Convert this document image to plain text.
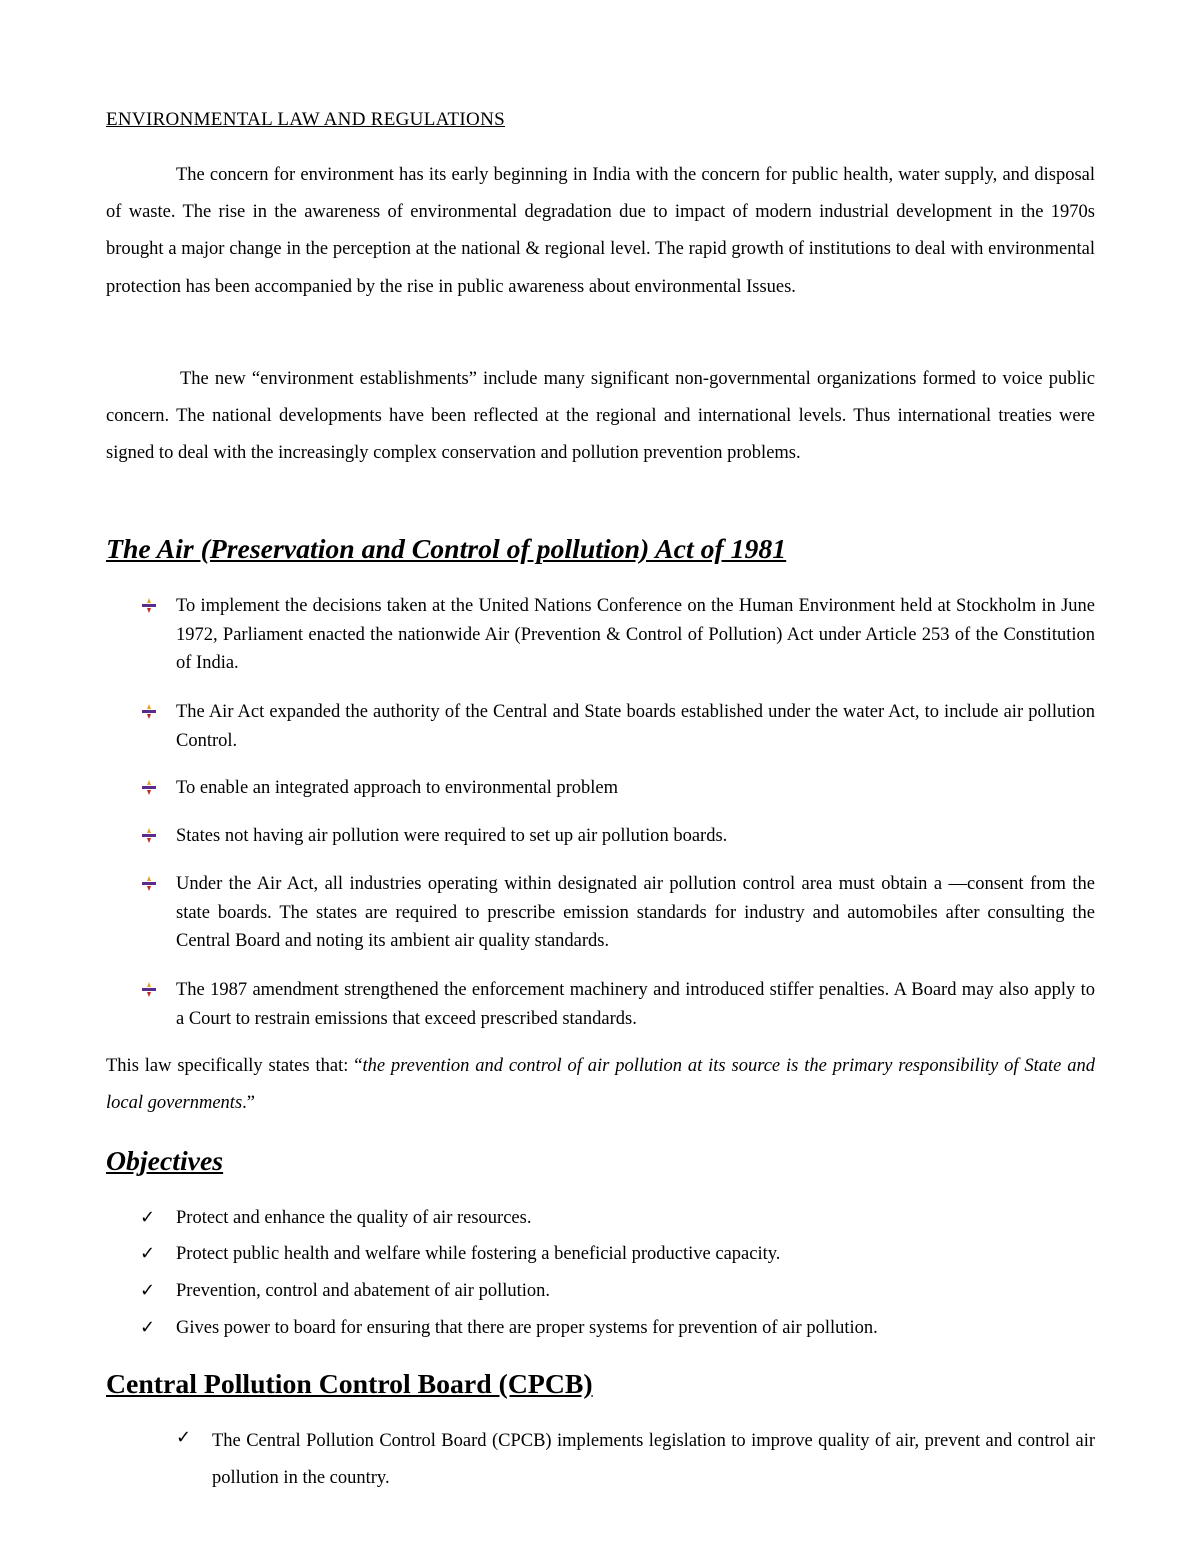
ENVIRONMENTAL LAW AND REGULATIONS

The concern for environment has its early beginning in India with the concern for public health, water supply, and disposal of waste. The rise in the awareness of environmental degradation due to impact of modern industrial development in the 1970s brought a major change in the perception at the national & regional level. The rapid growth of institutions to deal with environmental protection has been accompanied by the rise in public awareness about environmental Issues.

The new “environment establishments” include many significant non-governmental organizations formed to voice public concern. The national developments have been reflected at the regional and international levels. Thus international treaties were signed to deal with the increasingly complex conservation and pollution prevention problems.

The Air (Preservation and Control of pollution) Act of 1981
To implement the decisions taken at the United Nations Conference on the Human Environment held at Stockholm in June 1972, Parliament enacted the nationwide Air (Prevention & Control of Pollution) Act under Article 253 of the Constitution of India.
The Air Act expanded the authority of the Central and State boards established under the water Act, to include air pollution Control.
To enable an integrated approach to environmental problem
States not having air pollution were required to set up air pollution boards.
Under the Air Act, all industries operating within designated air pollution control area must obtain a ―consent from the state boards. The states are required to prescribe emission standards for industry and automobiles after consulting the Central Board and noting its ambient air quality standards.
The 1987 amendment strengthened the enforcement machinery and introduced stiffer penalties. A Board may also apply to a Court to restrain emissions that exceed prescribed standards.

This law specifically states that: “the prevention and control of air pollution at its source is the primary responsibility of State and local governments.”

Objectives
✓ Protect and enhance the quality of air resources.
✓ Protect public health and welfare while fostering a beneficial productive capacity.
✓ Prevention, control and abatement of air pollution.
✓ Gives power to board for ensuring that there are proper systems for prevention of air pollution.
Central Pollution Control Board (CPCB)
✓ The Central Pollution Control Board (CPCB) implements legislation to improve quality of air, prevent and control air pollution in the country.
